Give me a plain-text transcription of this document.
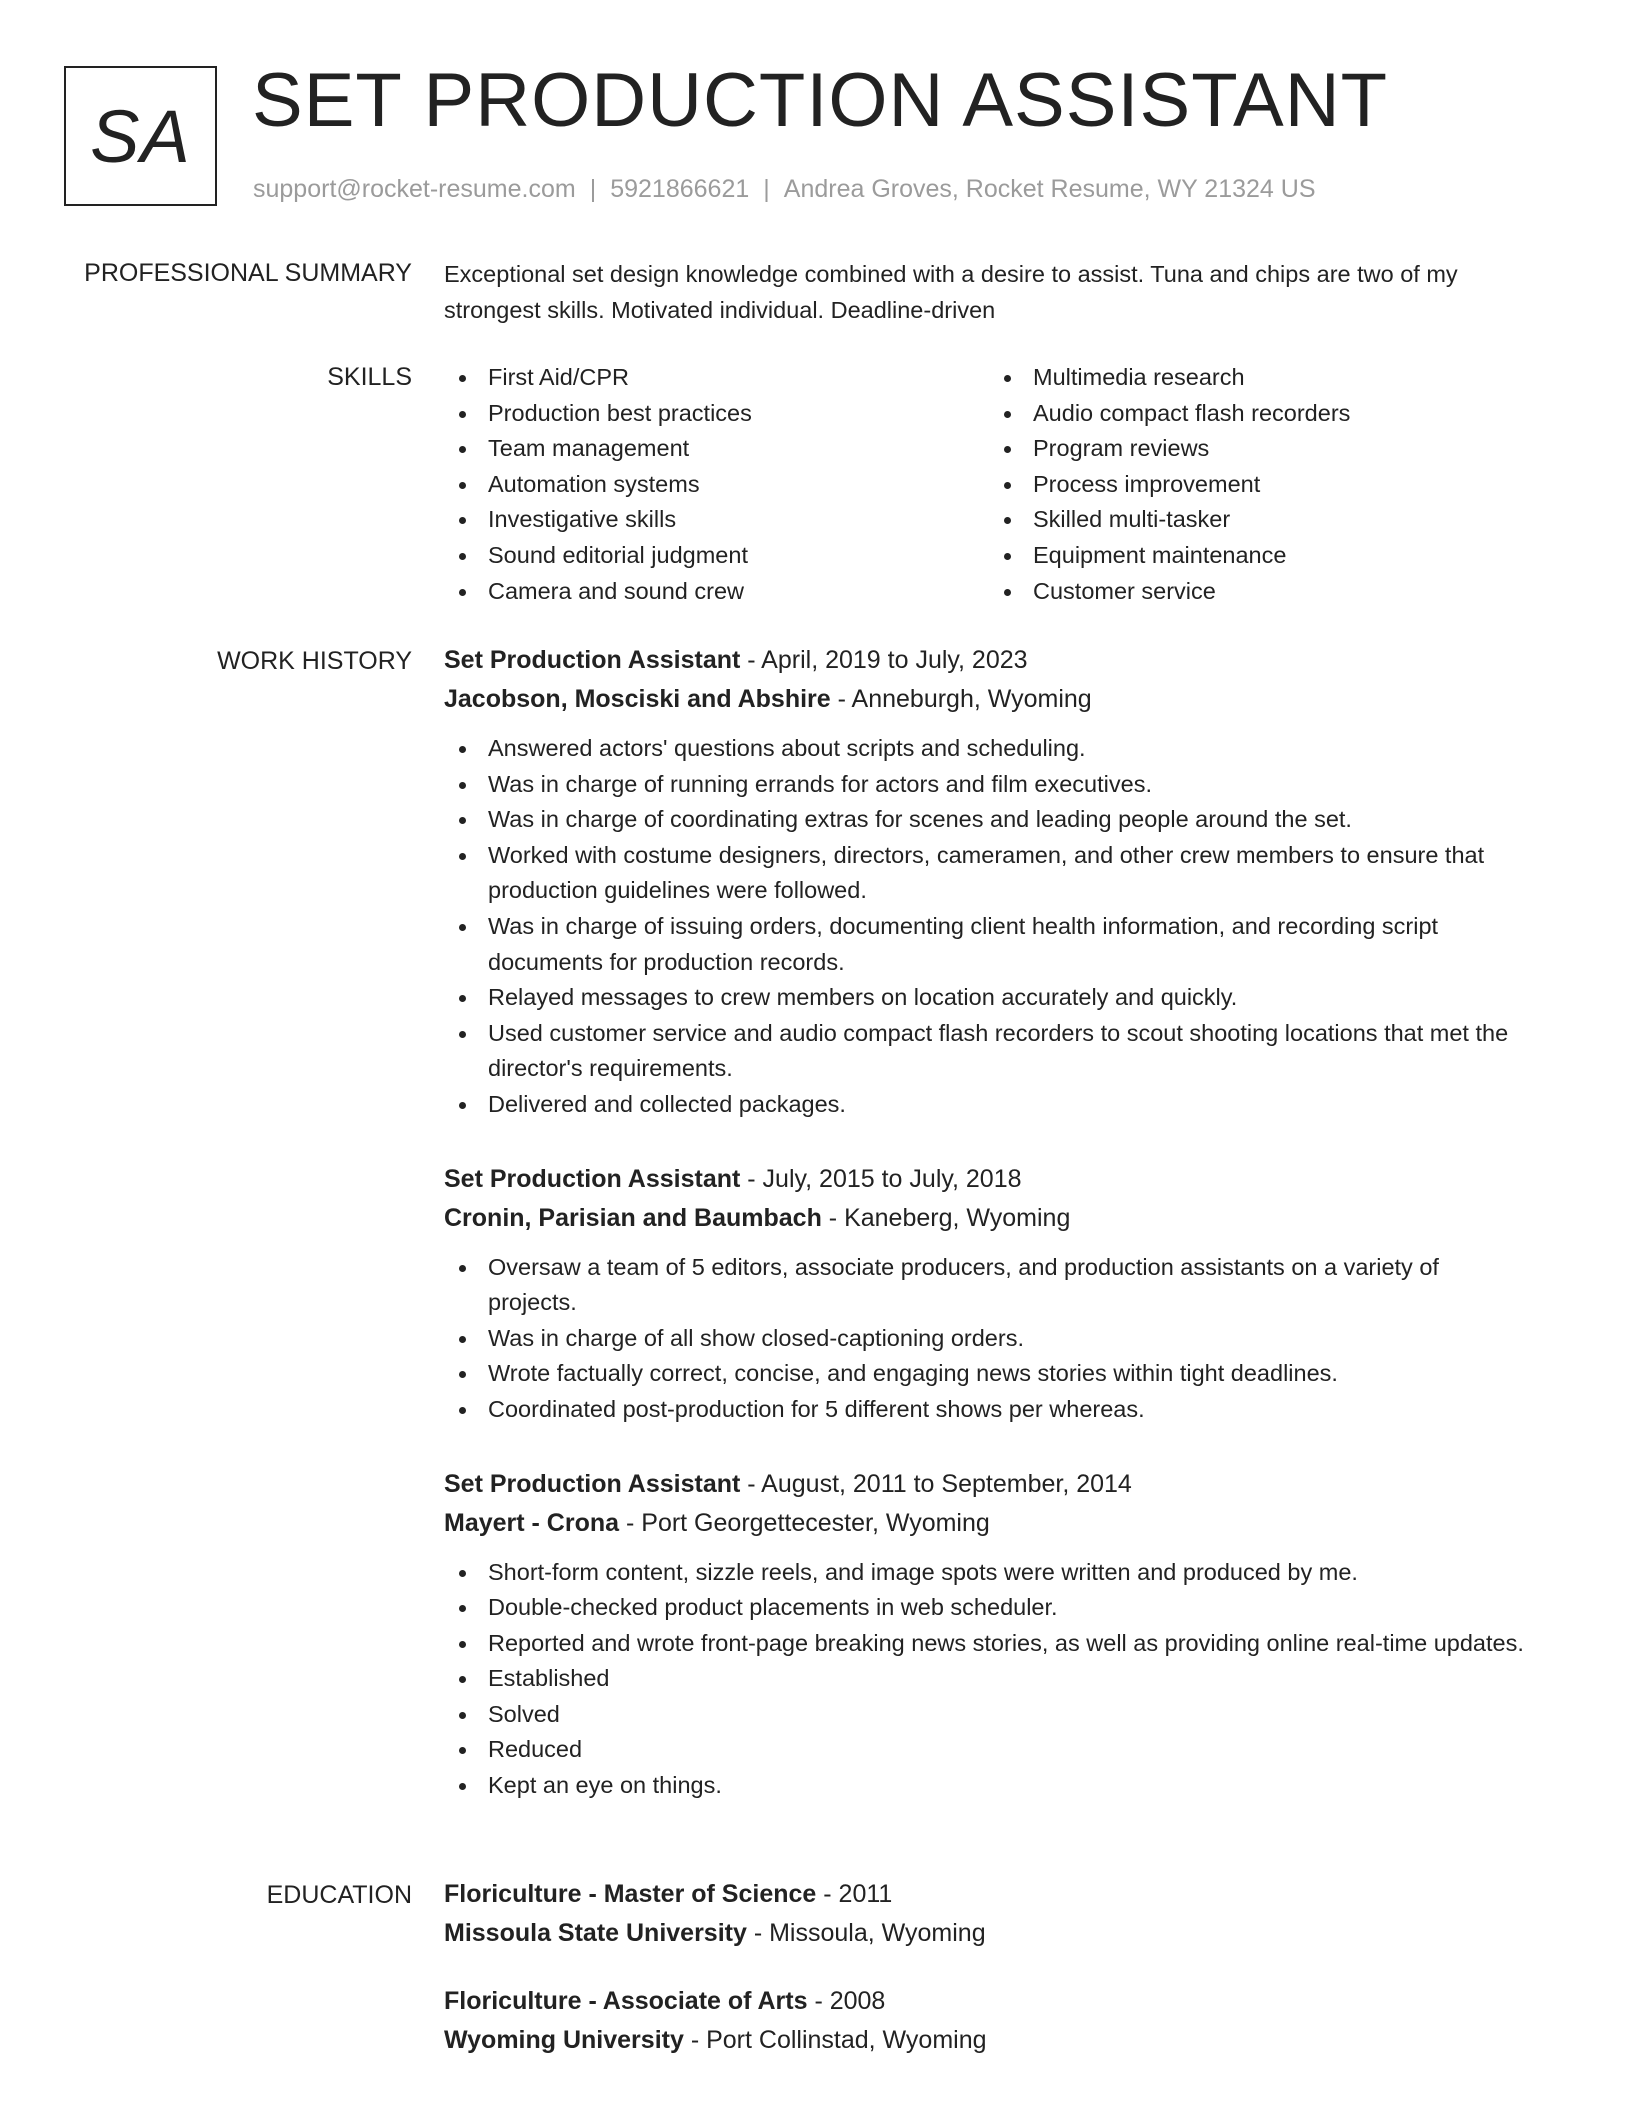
SA SET PRODUCTION ASSISTANT
support@rocket-resume.com | 5921866621 | Andrea Groves, Rocket Resume, WY 21324 US
PROFESSIONAL SUMMARY Exceptional set design knowledge combined with a desire to assist. Tuna and chips are two of my strongest skills. Motivated individual. Deadline-driven

SKILLS	First Aid/CPR
Production best practices
Team management
Automation systems
Investigative skills
Sound editorial judgment
Camera and sound crew
Multimedia research
Audio compact flash recorders
Program reviews
Process improvement
Skilled multi-tasker
Equipment maintenance
Customer service
WORK HISTORY Set Production Assistant - April, 2019 to July, 2023
Jacobson, Mosciski and Abshire - Anneburgh, Wyoming
Answered actors' questions about scripts and scheduling.
Was in charge of running errands for actors and film executives.
Was in charge of coordinating extras for scenes and leading people around the set.
Worked with costume designers, directors, cameramen, and other crew members to ensure that production guidelines were followed.
Was in charge of issuing orders, documenting client health information, and recording script documents for production records.
Relayed messages to crew members on location accurately and quickly.
Used customer service and audio compact flash recorders to scout shooting locations that met the director's requirements.
Delivered and collected packages.
Set Production Assistant - July, 2015 to July, 2018
Cronin, Parisian and Baumbach - Kaneberg, Wyoming
Oversaw a team of 5 editors, associate producers, and production assistants on a variety of projects.
Was in charge of all show closed-captioning orders.
Wrote factually correct, concise, and engaging news stories within tight deadlines.
Coordinated post-production for 5 different shows per whereas.
Set Production Assistant - August, 2011 to September, 2014
Mayert - Crona - Port Georgettecester, Wyoming
Short-form content, sizzle reels, and image spots were written and produced by me.
Double-checked product placements in web scheduler.
Reported and wrote front-page breaking news stories, as well as providing online real-time updates.
Established
Solved
Reduced
Kept an eye on things.
EDUCATION Floriculture - Master of Science - 2011
Missoula State University - Missoula, Wyoming
Floriculture - Associate of Arts - 2008
Wyoming University - Port Collinstad, Wyoming
